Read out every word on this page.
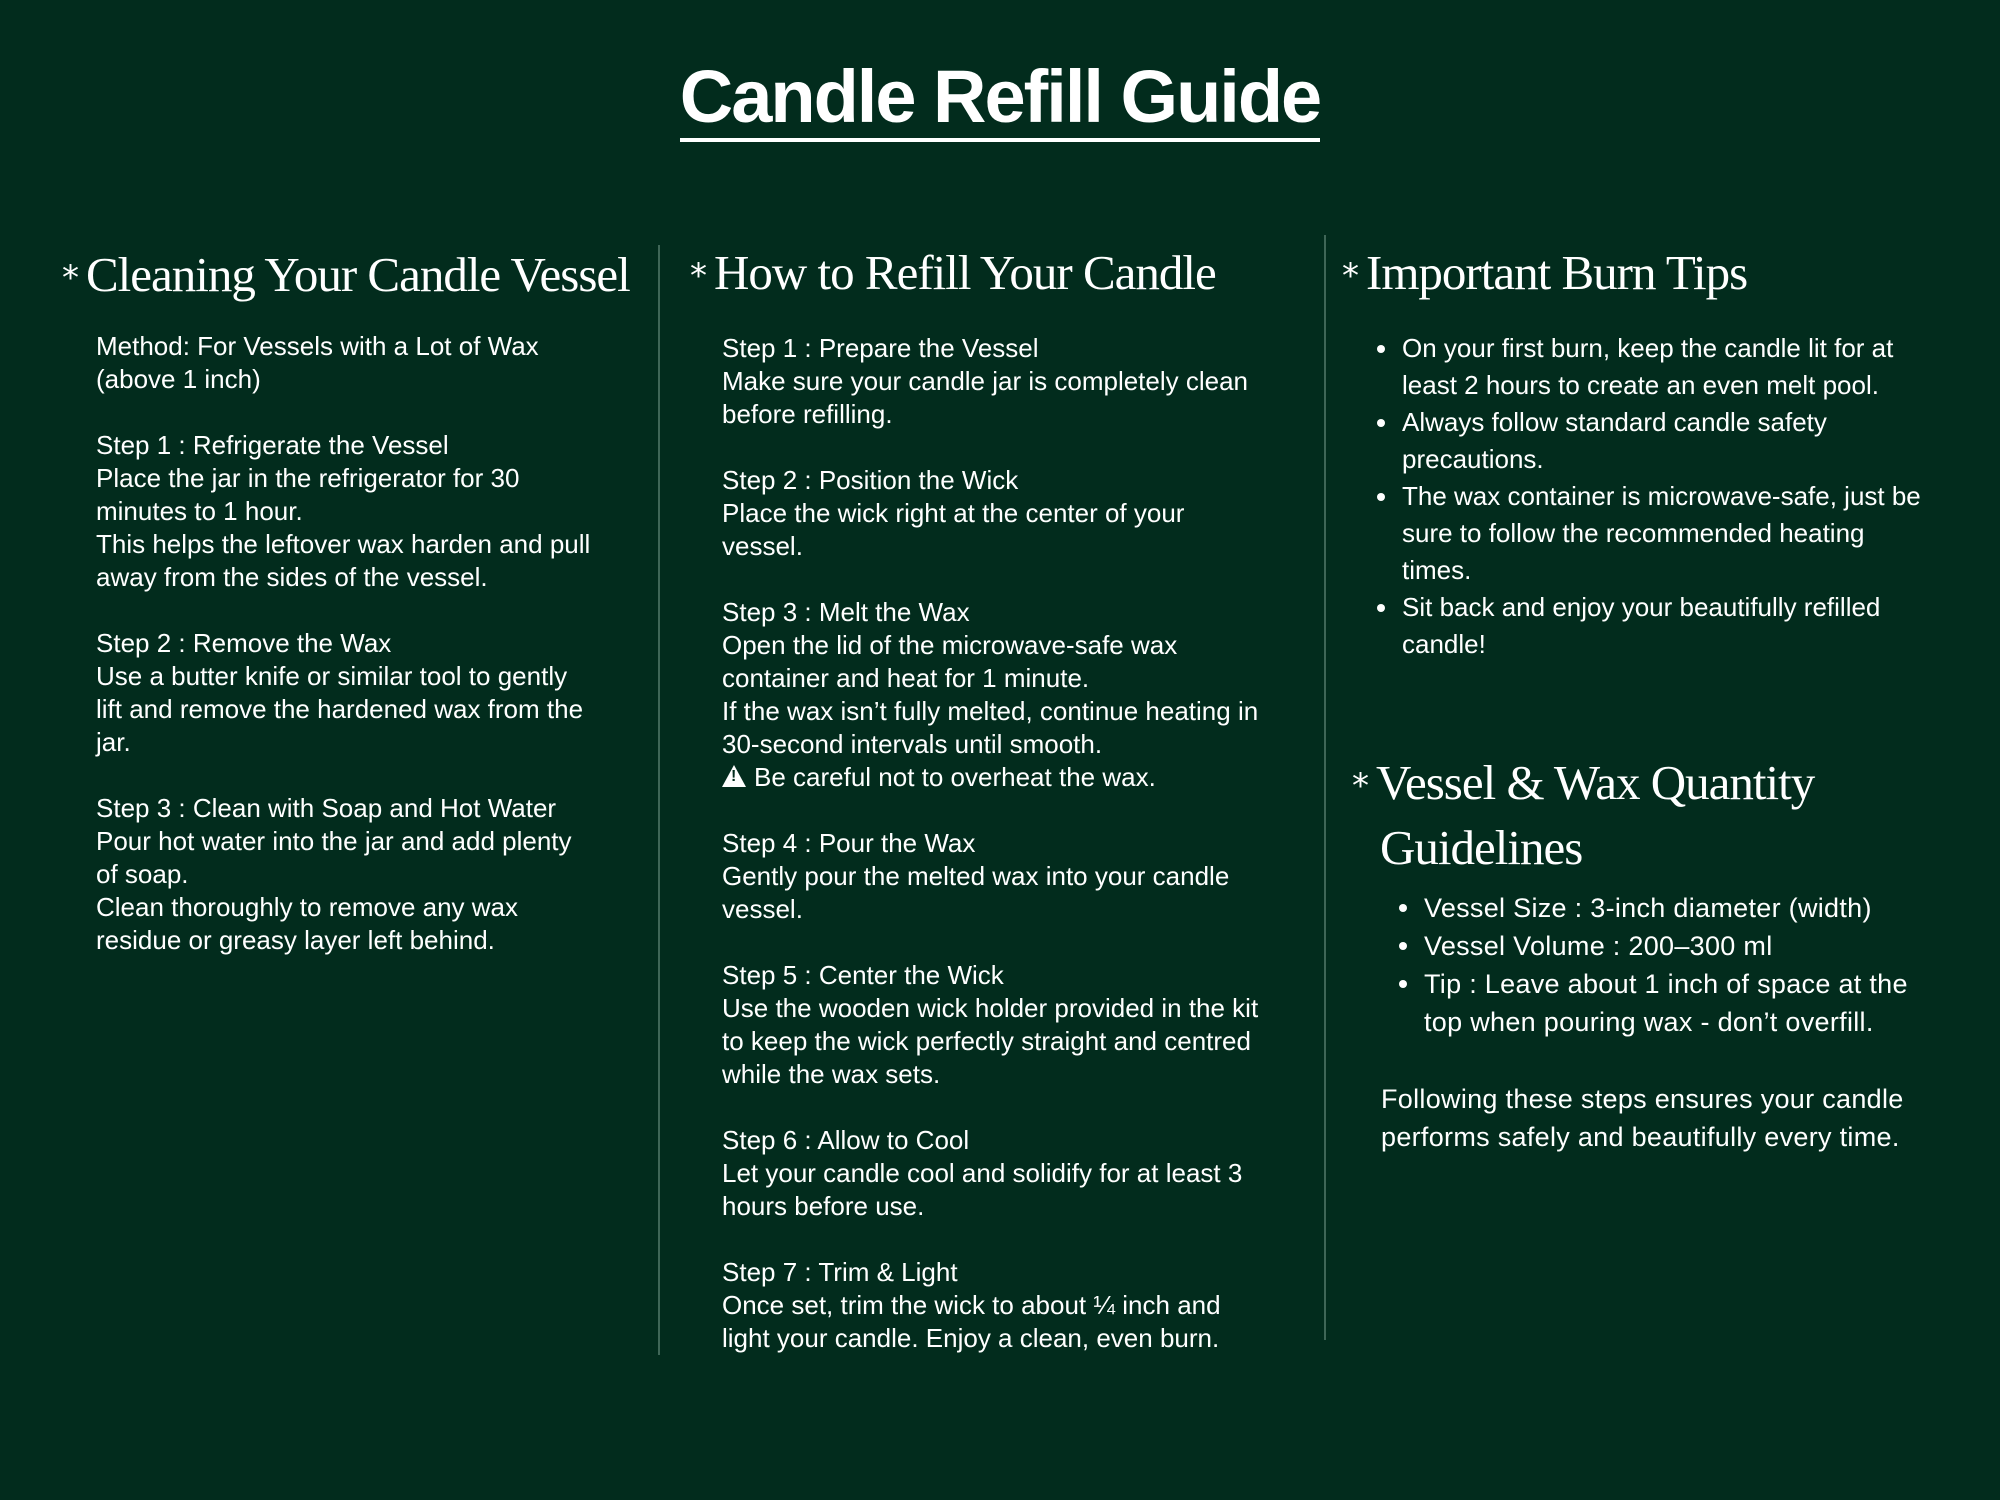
Candle Refill Guide
* Cleaning Your Candle Vessel
Method: For Vessels with a Lot of Wax
(above 1 inch)
Step 1 : Refrigerate the Vessel
Place the jar in the refrigerator for 30
minutes to 1 hour.
This helps the leftover wax harden and pull
away from the sides of the vessel.
Step 2 : Remove the Wax
Use a butter knife or similar tool to gently
lift and remove the hardened wax from the
jar.
Step 3 : Clean with Soap and Hot Water
Pour hot water into the jar and add plenty
of soap.
Clean thoroughly to remove any wax
residue or greasy layer left behind.
* How to Refill Your Candle
Step 1 : Prepare the Vessel
Make sure your candle jar is completely clean
before refilling.
Step 2 : Position the Wick
Place the wick right at the center of your
vessel.
Step 3 : Melt the Wax
Open the lid of the microwave-safe wax
container and heat for 1 minute.
If the wax isn’t fully melted, continue heating in
30-second intervals until smooth.
!Be careful not to overheat the wax.
Step 4 : Pour the Wax
Gently pour the melted wax into your candle
vessel.
Step 5 : Center the Wick
Use the wooden wick holder provided in the kit
to keep the wick perfectly straight and centred
while the wax sets.
Step 6 : Allow to Cool
Let your candle cool and solidify for at least 3
hours before use.
Step 7 : Trim & Light
Once set, trim the wick to about ¼ inch and
light your candle. Enjoy a clean, even burn.
* Important Burn Tips
On your first burn, keep the candle lit for at least 2 hours to create an even melt pool.
Always follow standard candle safety precautions.
The wax container is microwave-safe, just be sure to follow the recommended heating times.
Sit back and enjoy your beautifully refilled candle!
* Vessel & Wax Quantity
Guidelines
Vessel Size : 3-inch diameter (width)
Vessel Volume : 200–300 ml
Tip : Leave about 1 inch of space at the top when pouring wax - don’t overfill.

Following these steps ensures your candle performs safely and beautifully every time.
